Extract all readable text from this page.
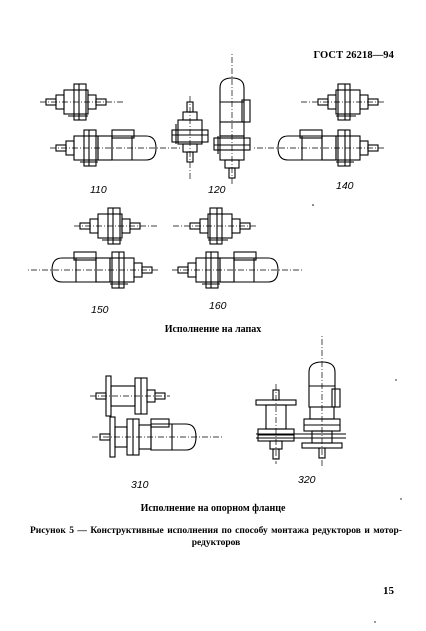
ГОСТ 26218—94
110	120	140
150	160
Исполнение на лапах
310	320
Исполнение на опорном фланце
Рисунок 5 — Конструктивные исполнения по способу монтажа редукторов и мотор-редукторов
15
